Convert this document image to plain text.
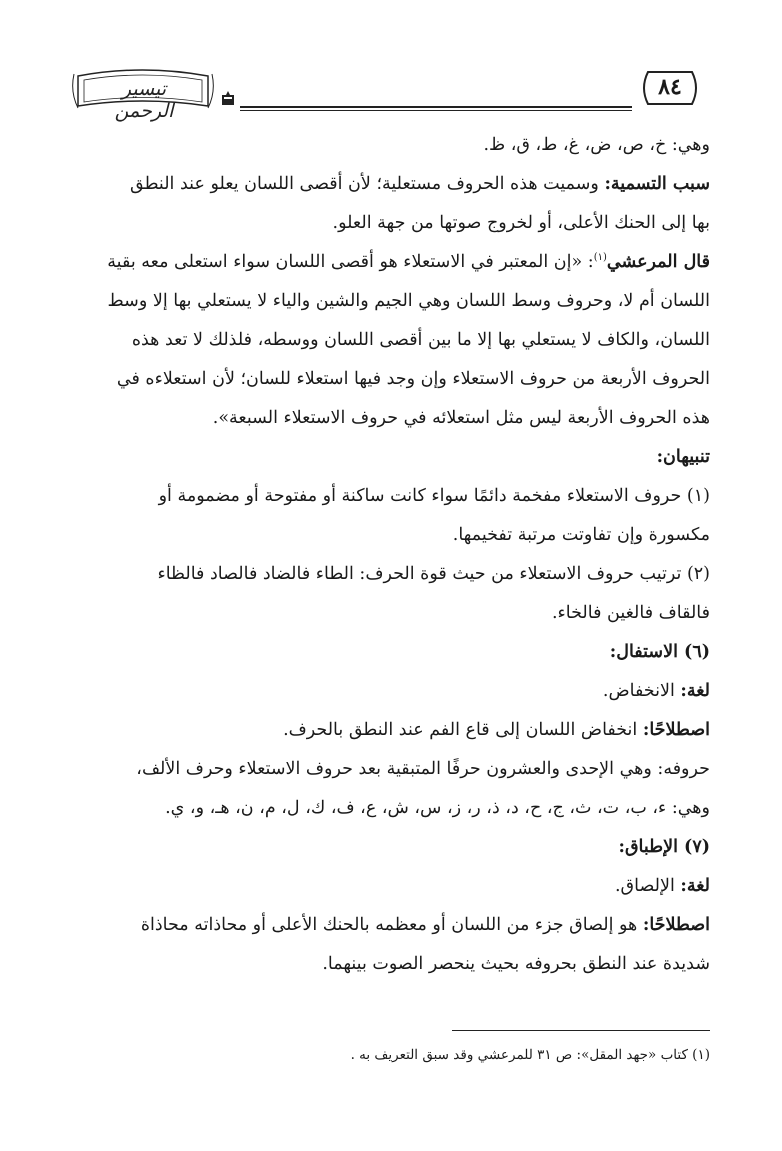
تيسير الرحمن
٨٤
وهي: خ، ص، ض، غ، ط، ق، ظ.
سبب التسمية: وسميت هذه الحروف مستعلية؛ لأن أقصى اللسان يعلو عند النطق
بها إلى الحنك الأعلى، أو لخروج صوتها من جهة العلو.
قال المرعشي$^{(١)}$: «إن المعتبر في الاستعلاء هو أقصى اللسان سواء استعلى معه بقية
اللسان أم لا، وحروف وسط اللسان وهي الجيم والشين والياء لا يستعلي بها إلا وسط
اللسان، والكاف لا يستعلي بها إلا ما بين أقصى اللسان ووسطه، فلذلك لا تعد هذه
الحروف الأربعة من حروف الاستعلاء وإن وجد فيها استعلاء للسان؛ لأن استعلاءه في
هذه الحروف الأربعة ليس مثل استعلائه في حروف الاستعلاء السبعة».
تنبيهان:
(١) حروف الاستعلاء مفخمة دائمًا سواء كانت ساكنة أو مفتوحة أو مضمومة أو
مكسورة وإن تفاوتت مرتبة تفخيمها.
(٢) ترتيب حروف الاستعلاء من حيث قوة الحرف: الطاء فالضاد فالصاد فالظاء
فالقاف فالغين فالخاء.
(٦) الاستفال:
لغة: الانخفاض.
اصطلاحًا: انخفاض اللسان إلى قاع الفم عند النطق بالحرف.
حروفه: وهي الإحدى والعشرون حرفًا المتبقية بعد حروف الاستعلاء وحرف الألف،
وهي: ء، ب، ت، ث، ج، ح، د، ذ، ر، ز، س، ش، ع، ف، ك، ل، م، ن، هـ، و، ي.
(٧) الإطباق:
لغة: الإلصاق.
اصطلاحًا: هو إلصاق جزء من اللسان أو معظمه بالحنك الأعلى أو محاذاته محاذاة
شديدة عند النطق بحروفه بحيث ينحصر الصوت بينهما.
(١) كتاب «جهد المقل»: ص ٣١ للمرعشي وقد سبق التعريف به .
